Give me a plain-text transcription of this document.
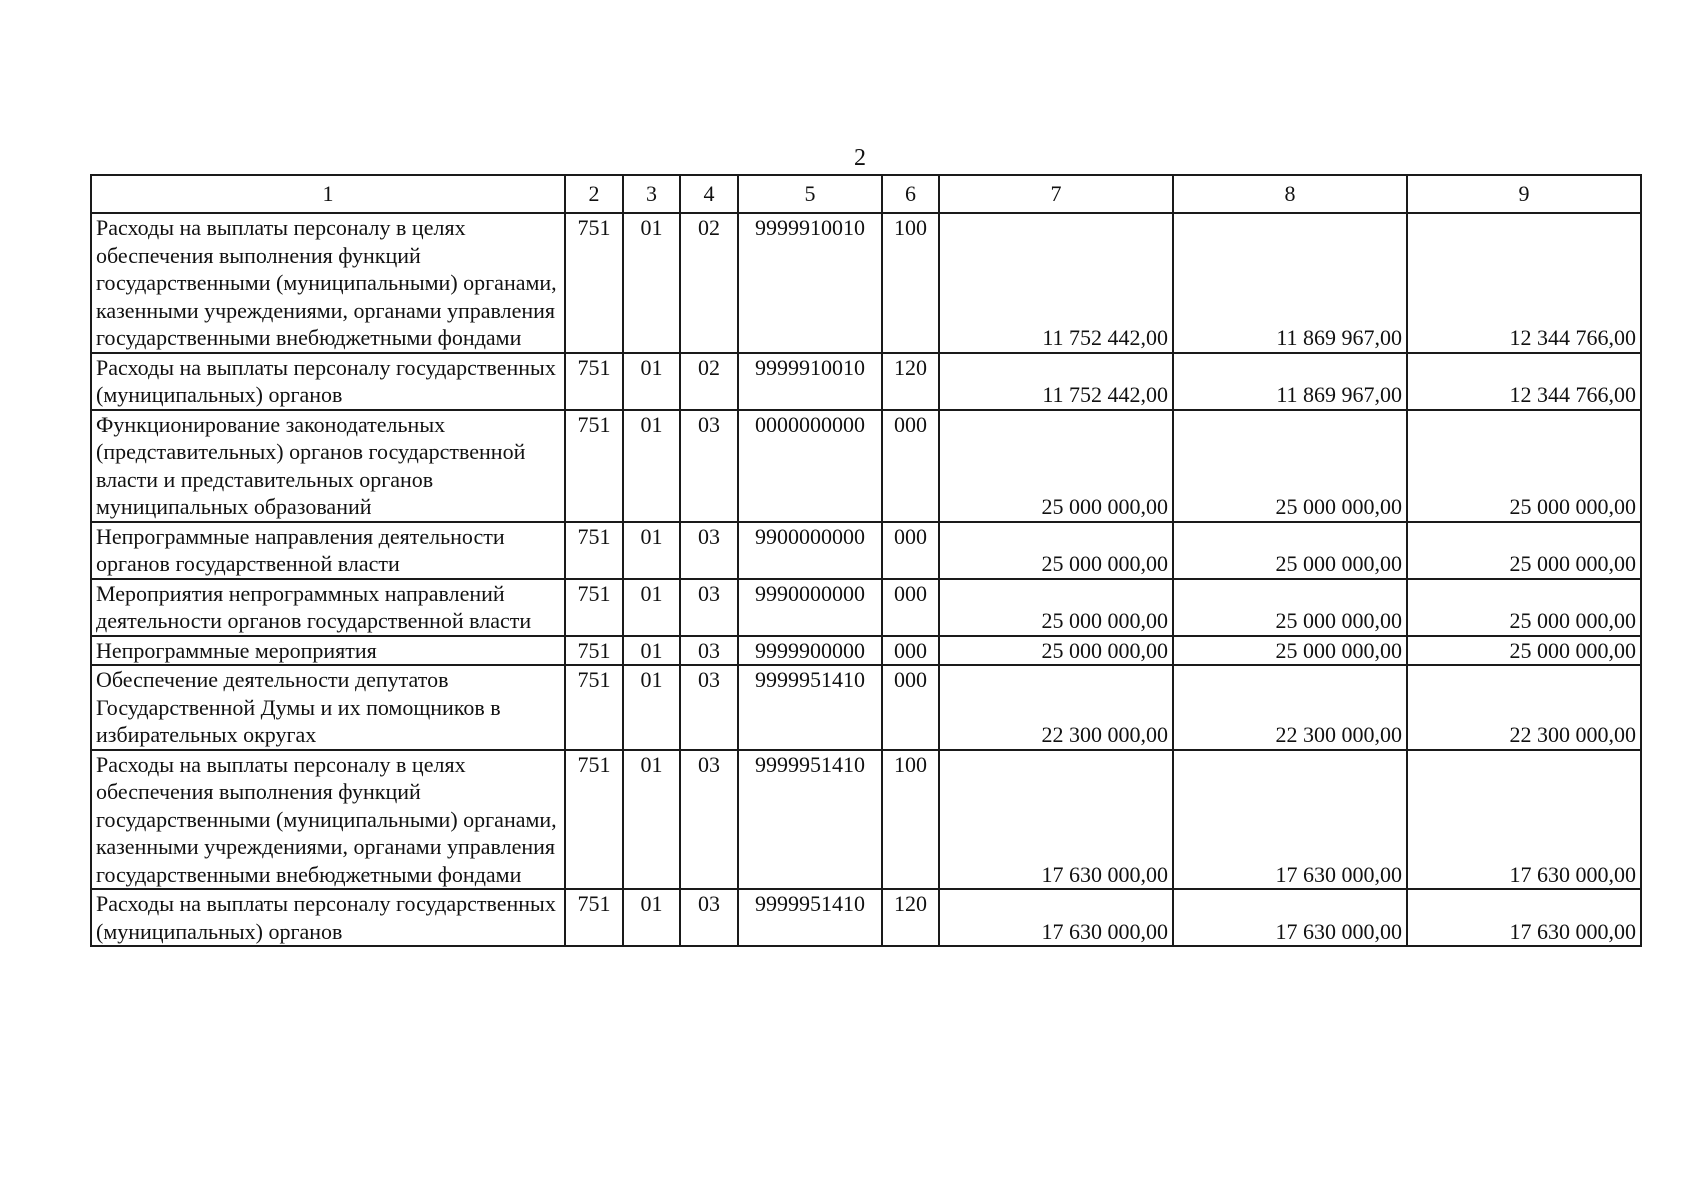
2
1	2	3	4	5	6	7	8	9
Расходы на выплаты персоналу в целях обеспечения выполнения функций государственными (муниципальными) органами, казенными учреждениями, органами управления государственными внебюджетными фондами	751	01	02	9999910010	100	11 752 442,00	11 869 967,00	12 344 766,00
Расходы на выплаты персоналу государственных (муниципальных) органов	751	01	02	9999910010	120	11 752 442,00	11 869 967,00	12 344 766,00
Функционирование законодательных (представительных) органов государственной власти и представительных органов муниципальных образований	751	01	03	0000000000	000	25 000 000,00	25 000 000,00	25 000 000,00
Непрограммные направления деятельности органов государственной власти	751	01	03	9900000000	000	25 000 000,00	25 000 000,00	25 000 000,00
Мероприятия непрограммных направлений деятельности органов государственной власти	751	01	03	9990000000	000	25 000 000,00	25 000 000,00	25 000 000,00
Непрограммные мероприятия	751	01	03	9999900000	000	25 000 000,00	25 000 000,00	25 000 000,00
Обеспечение деятельности депутатов Государственной Думы и их помощников в избирательных округах	751	01	03	9999951410	000	22 300 000,00	22 300 000,00	22 300 000,00
Расходы на выплаты персоналу в целях обеспечения выполнения функций государственными (муниципальными) органами, казенными учреждениями, органами управления государственными внебюджетными фондами	751	01	03	9999951410	100	17 630 000,00	17 630 000,00	17 630 000,00
Расходы на выплаты персоналу государственных (муниципальных) органов	751	01	03	9999951410	120	17 630 000,00	17 630 000,00	17 630 000,00
